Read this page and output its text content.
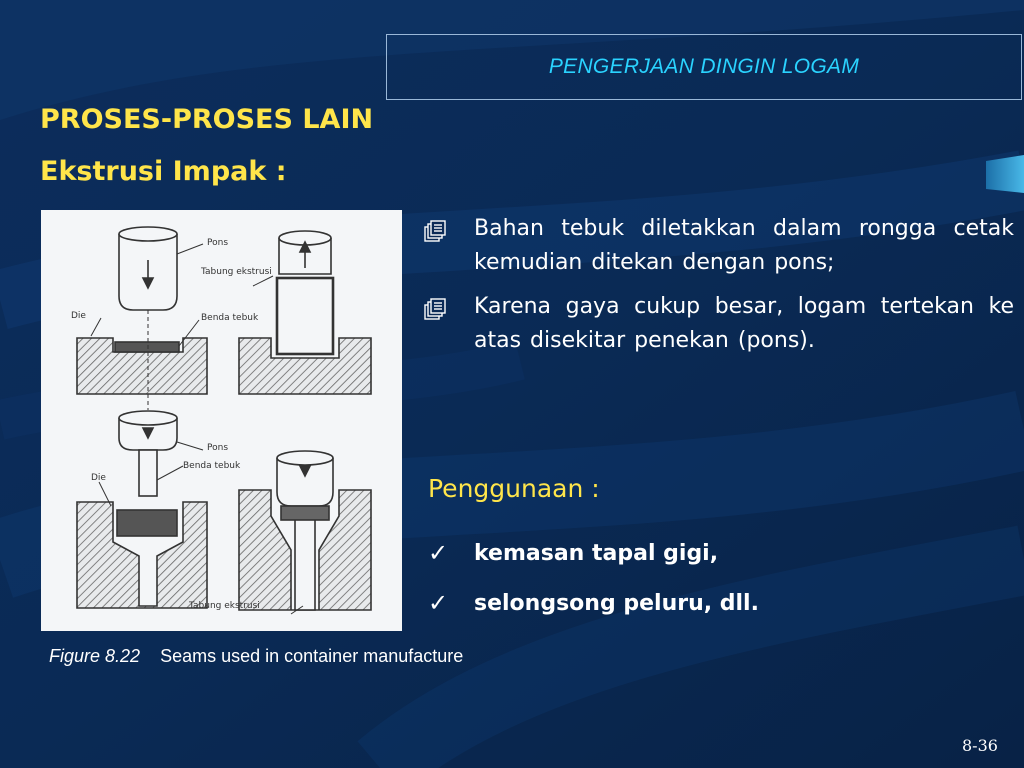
PENGERJAAN DINGIN LOGAM
PROSES-PROSES LAIN
Ekstrusi Impak :
Pons
Tabung ekstrusi
Die	Benda tebuk
Pons
Benda tebuk
Die
Tabung ekstrusi
Figure 8.22 Seams used in container manufacture
Bahan tebuk diletakkan dalam rongga cetak kemudian ditekan dengan pons;
Karena gaya cukup besar, logam tertekan ke atas disekitar penekan (pons).
Penggunaan :
✓	kemasan tapal gigi,
✓	selongsong peluru, dll.
8-36
